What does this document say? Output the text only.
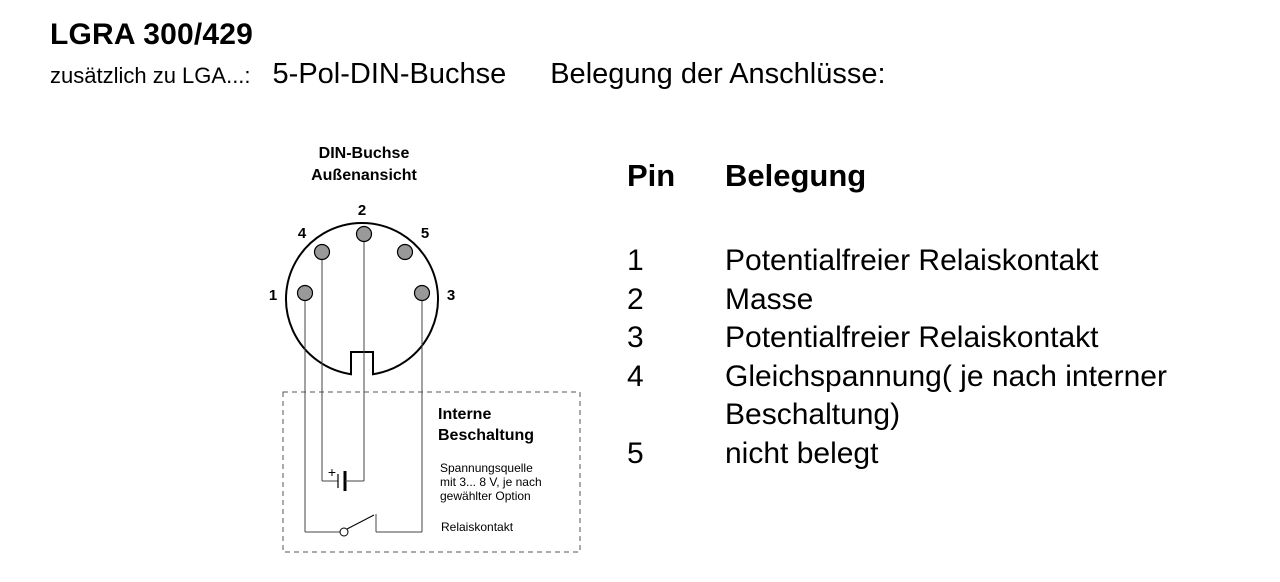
DIN-Buchse
Außenansicht
+
1
2
3
4	5
Interne
Beschaltung
Spannungsquelle
mit 3... 8 V, je nach
gewählter Option
Relaiskontakt
LGRA 300/429
zusätzlich zu LGA...: 5-Pol-DIN-Buchse Belegung der Anschlüsse:
Pin	Belegung
1	Potentialfreier Relaiskontakt
2	Masse
3	Potentialfreier Relaiskontakt
4	Gleichspannung( je nach interner
Beschaltung)
5	nicht belegt
